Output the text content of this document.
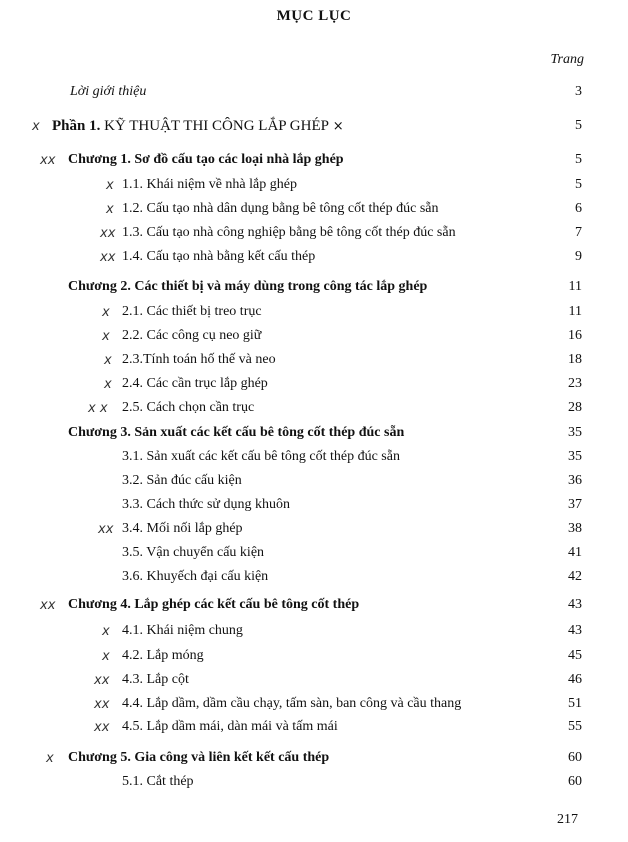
MỤC LỤC
Trang
Lời giới thiệu	3
x Phần 1. KỸ THUẬT THI CÔNG LẮP GHÉP ×	5
xx Chương 1. Sơ đồ cấu tạo các loại nhà lắp ghép	5
x 1.1. Khái niệm về nhà lắp ghép	5
x 1.2. Cấu tạo nhà dân dụng bằng bê tông cốt thép đúc sẵn	6
xx 1.3. Cấu tạo nhà công nghiệp bằng bê tông cốt thép đúc sẵn	7
xx 1.4. Cấu tạo nhà bằng kết cấu thép	9
Chương 2. Các thiết bị và máy dùng trong công tác lắp ghép	11
x 2.1. Các thiết bị treo trục	11
x 2.2. Các công cụ neo giữ	16
x 2.3.Tính toán hố thế và neo	18
x 2.4. Các cần trục lắp ghép	23
x x 2.5. Cách chọn cần trục	28
Chương 3. Sản xuất các kết cấu bê tông cốt thép đúc sẵn	35
3.1. Sản xuất các kết cấu bê tông cốt thép đúc sẵn	35
3.2. Sản đúc cấu kiện	36
3.3. Cách thức sử dụng khuôn	37
xx 3.4. Mối nối lắp ghép	38
3.5. Vận chuyển cấu kiện	41
3.6. Khuyếch đại cấu kiện	42
xx Chương 4. Lắp ghép các kết cấu bê tông cốt thép	43
x 4.1. Khái niệm chung	43
x 4.2. Lắp móng	45
xx 4.3. Lắp cột	46
xx 4.4. Lắp dầm, dầm cầu chạy, tấm sàn, ban công và cầu thang	51
xx 4.5. Lắp dầm mái, dàn mái và tấm mái	55
x Chương 5. Gia công và liên kết kết cấu thép	60
5.1. Cắt thép	60
217
